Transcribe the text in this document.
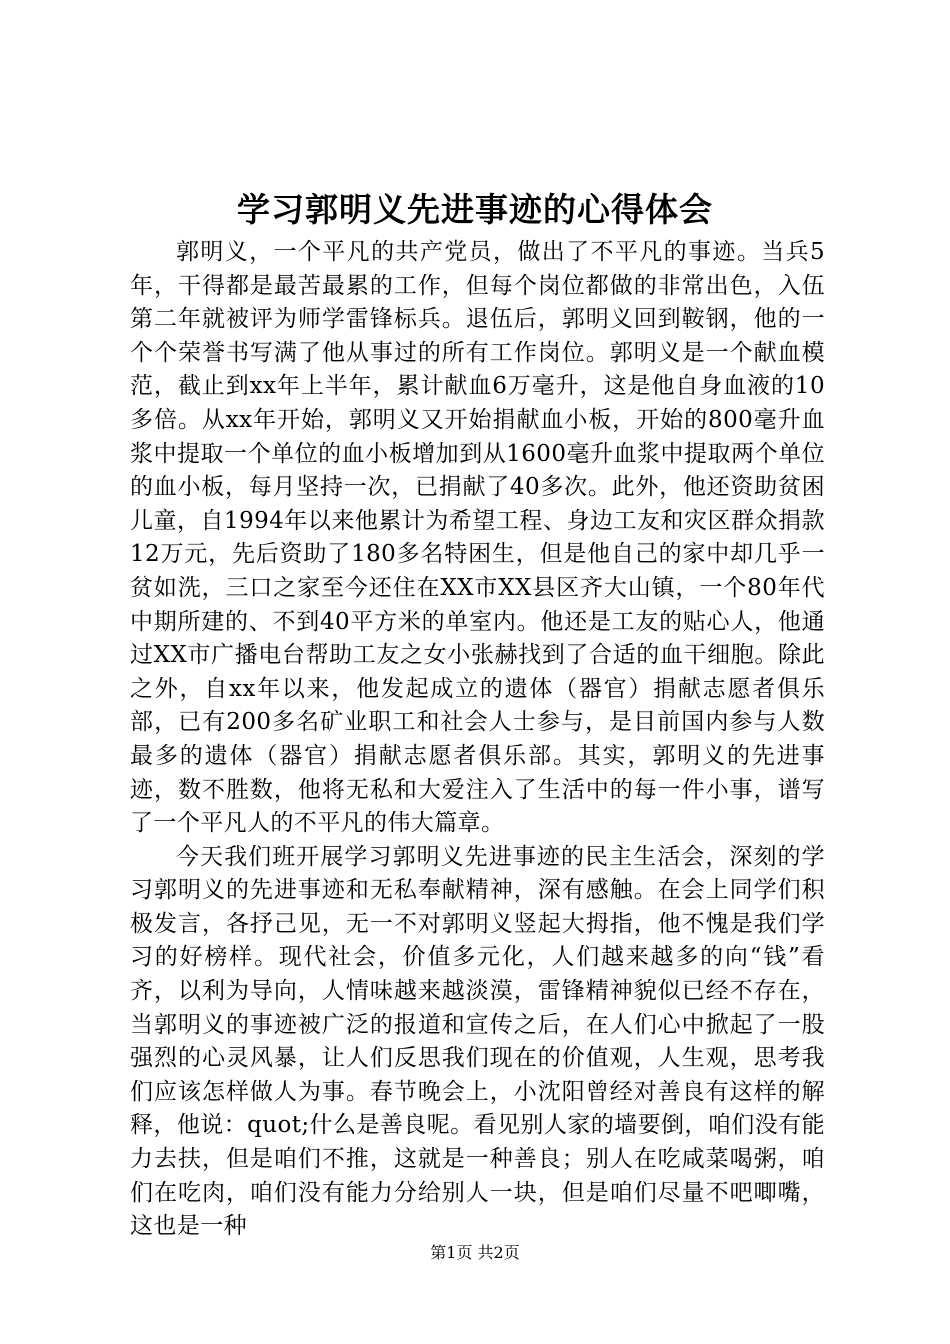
学习郭明义先进事迹的心得体会

郭明义，一个平凡的共产党员，做出了不平凡的事迹。当兵5年，干得都是最苦最累的工作，但每个岗位都做的非常出色，入伍第二年就被评为师学雷锋标兵。退伍后，郭明义回到鞍钢，他的一个个荣誉书写满了他从事过的所有工作岗位。郭明义是一个献血模范，截止到xx年上半年，累计献血6万毫升，这是他自身血液的10多倍。从xx年开始，郭明义又开始捐献血小板，开始的800毫升血浆中提取一个单位的血小板增加到从1600毫升血浆中提取两个单位的血小板，每月坚持一次，已捐献了40多次。此外，他还资助贫困儿童，自1994年以来他累计为希望工程、身边工友和灾区群众捐款12万元，先后资助了180多名特困生，但是他自己的家中却几乎一贫如洗，三口之家至今还住在XX市XX县区齐大山镇，一个80年代中期所建的、不到40平方米的单室内。他还是工友的贴心人，他通过XX市广播电台帮助工友之女小张赫找到了合适的血干细胞。除此之外，自xx年以来，他发起成立的遗体（器官）捐献志愿者俱乐部，已有200多名矿业职工和社会人士参与，是目前国内参与人数最多的遗体（器官）捐献志愿者俱乐部。其实，郭明义的先进事迹，数不胜数，他将无私和大爱注入了生活中的每一件小事，谱写了一个平凡人的不平凡的伟大篇章。

今天我们班开展学习郭明义先进事迹的民主生活会，深刻的学习郭明义的先进事迹和无私奉献精神，深有感触。在会上同学们积极发言，各抒己见，无一不对郭明义竖起大拇指，他不愧是我们学习的好榜样。现代社会，价值多元化，人们越来越多的向“钱”看齐，以利为导向，人情味越来越淡漠，雷锋精神貌似已经不存在，当郭明义的事迹被广泛的报道和宣传之后，在人们心中掀起了一股强烈的心灵风暴，让人们反思我们现在的价值观，人生观，思考我们应该怎样做人为事。春节晚会上，小沈阳曾经对善良有这样的解释，他说：quot;什么是善良呢。看见别人家的墙要倒，咱们没有能力去扶，但是咱们不推，这就是一种善良；别人在吃咸菜喝粥，咱们在吃肉，咱们没有能力分给别人一块，但是咱们尽量不吧唧嘴，这也是一种

第1页 共2页
